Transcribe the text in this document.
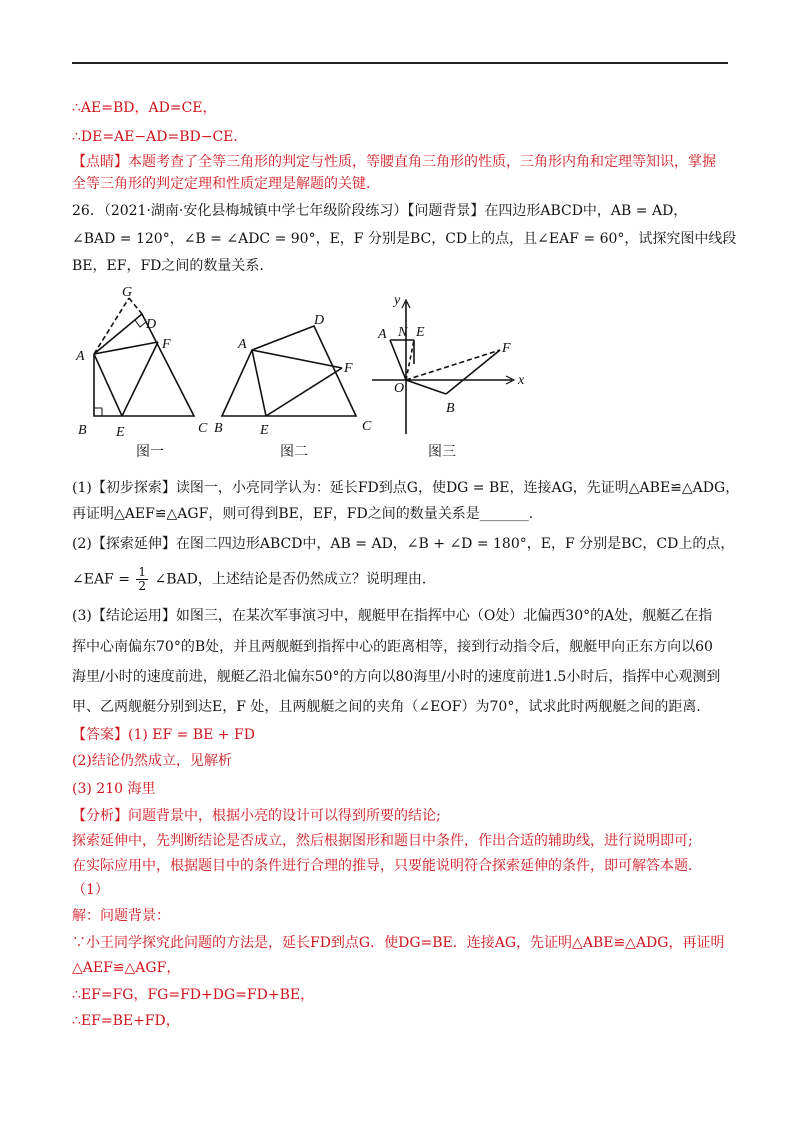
∴AE=BD，AD=CE，
∴DE=AE−AD=BD−CE．
【点睛】本题考查了全等三角形的判定与性质，等腰直角三角形的性质，三角形内角和定理等知识，掌握
全等三角形的判定定理和性质定理是解题的关键．
26．（2021·湖南·安化县梅城镇中学七年级阶段练习）【问题背景】在四边形ABCD中，AB = AD，
∠BAD = 120°，∠B = ∠ADC = 90°，E，F 分别是BC，CD上的点，且∠EAF = 60°，试探究图中线段
BE，EF，FD之间的数量关系．
(1)【初步探索】读图一，小亮同学认为：延长FD到点G，使DG = BE，连接AG，先证明△ABE≌△ADG，
再证明△AEF≌△AGF，则可得到BE，EF，FD之间的数量关系是_______．
(2)【探索延伸】在图二四边形ABCD中，AB = AD，∠B + ∠D = 180°，E，F 分别是BC，CD上的点，
(3)【结论运用】如图三，在某次军事演习中，舰艇甲在指挥中心（O处）北偏西30°的A处，舰艇乙在指
挥中心南偏东70°的B处，并且两舰艇到指挥中心的距离相等，接到行动指令后，舰艇甲向正东方向以60
海里/小时的速度前进，舰艇乙沿北偏东50°的方向以80海里/小时的速度前进1.5小时后，指挥中心观测到
甲、乙两舰艇分别到达E，F 处，且两舰艇之间的夹角（∠EOF）为70°，试求此时两舰艇之间的距离．
【答案】(1) EF = BE + FD
(2)结论仍然成立，见解析
(3) 210 海里
【分析】问题背景中，根据小亮的设计可以得到所要的结论;
探索延伸中，先判断结论是否成立，然后根据图形和题目中条件，作出合适的辅助线，进行说明即可;
在实际应用中，根据题目中的条件进行合理的推导，只要能说明符合探索延伸的条件，即可解答本题．
（1）
解：问题背景：
∵小王同学探究此问题的方法是，延长FD到点G．使DG=BE．连接AG，先证明△ABE≌△ADG，再证明
△AEF≌△AGF，
∴EF=FG，FG=FD+DG=FD+BE，
∴EF=BE+FD，
∠EAF = $\frac{1}{2}$ ∠BAD，上述结论是否仍然成立？说明理由．
G
D
A
F
B E	C
图一
A
D
F
B	E	C
图二
y
A N E
F
O
B
x
图三
